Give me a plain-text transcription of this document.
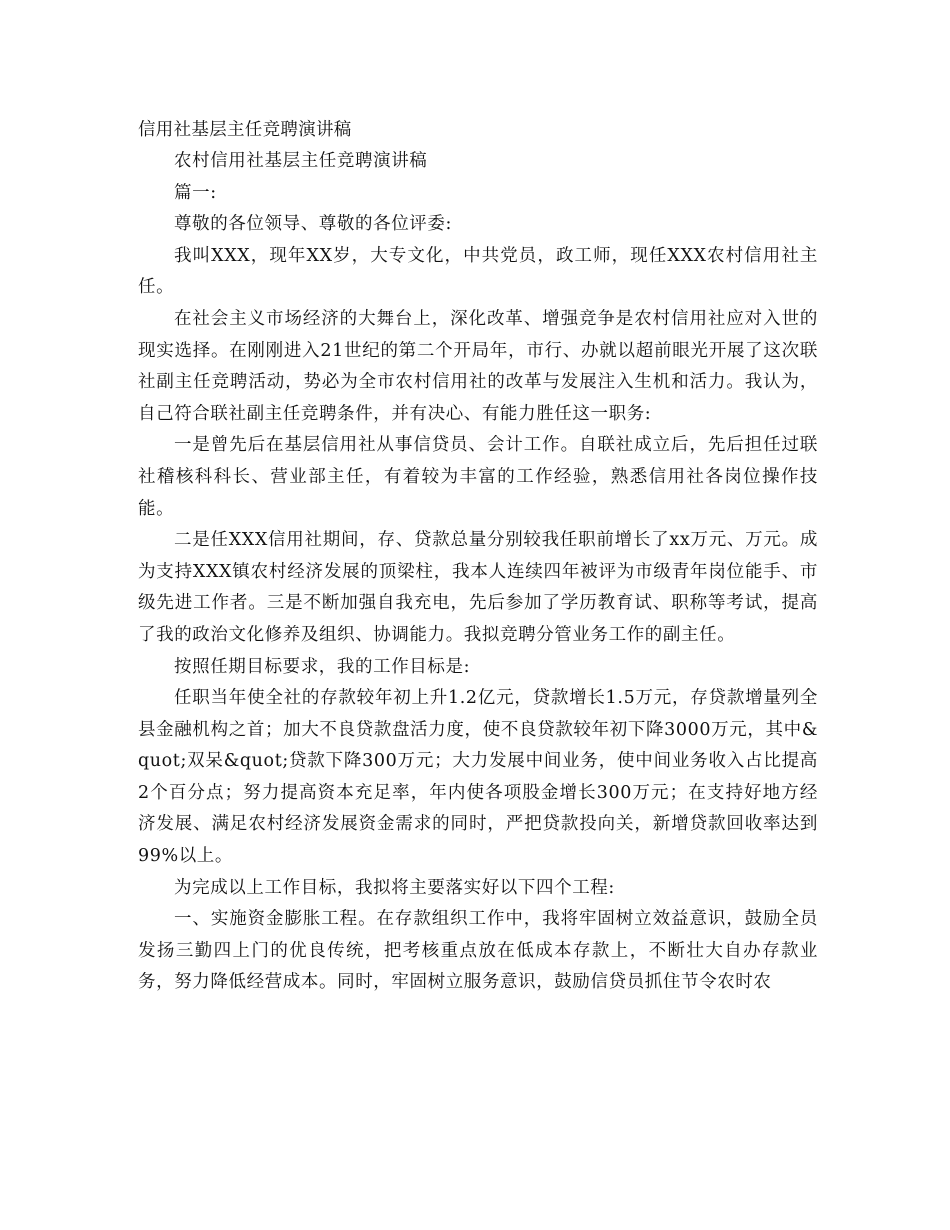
信用社基层主任竞聘演讲稿

农村信用社基层主任竞聘演讲稿

篇一:

尊敬的各位领导、尊敬的各位评委:

我叫XXX，现年XX岁，大专文化，中共党员，政工师，现任XXX农村信用社主任。

在社会主义市场经济的大舞台上，深化改革、增强竞争是农村信用社应对入世的现实选择。在刚刚进入21世纪的第二个开局年，市行、办就以超前眼光开展了这次联社副主任竞聘活动，势必为全市农村信用社的改革与发展注入生机和活力。我认为，自己符合联社副主任竞聘条件，并有决心、有能力胜任这一职务:

一是曾先后在基层信用社从事信贷员、会计工作。自联社成立后，先后担任过联社稽核科科长、营业部主任，有着较为丰富的工作经验，熟悉信用社各岗位操作技能。

二是任XXX信用社期间，存、贷款总量分别较我任职前增长了xx万元、万元。成为支持XXX镇农村经济发展的顶梁柱，我本人连续四年被评为市级青年岗位能手、市级先进工作者。三是不断加强自我充电，先后参加了学历教育试、职称等考试，提高了我的政治文化修养及组织、协调能力。我拟竞聘分管业务工作的副主任。

按照任期目标要求，我的工作目标是:

任职当年使全社的存款较年初上升1.2亿元，贷款增长1.5万元，存贷款增量列全县金融机构之首；加大不良贷款盘活力度，使不良贷款较年初下降3000万元，其中&quot;双呆&quot;贷款下降300万元；大力发展中间业务，使中间业务收入占比提高2个百分点；努力提高资本充足率，年内使各项股金增长300万元；在支持好地方经济发展、满足农村经济发展资金需求的同时，严把贷款投向关，新增贷款回收率达到99%以上。

为完成以上工作目标，我拟将主要落实好以下四个工程:

一、实施资金膨胀工程。在存款组织工作中，我将牢固树立效益意识，鼓励全员发扬三勤四上门的优良传统，把考核重点放在低成本存款上，不断壮大自办存款业务，努力降低经营成本。同时，牢固树立服务意识，鼓励信贷员抓住节令农时农
